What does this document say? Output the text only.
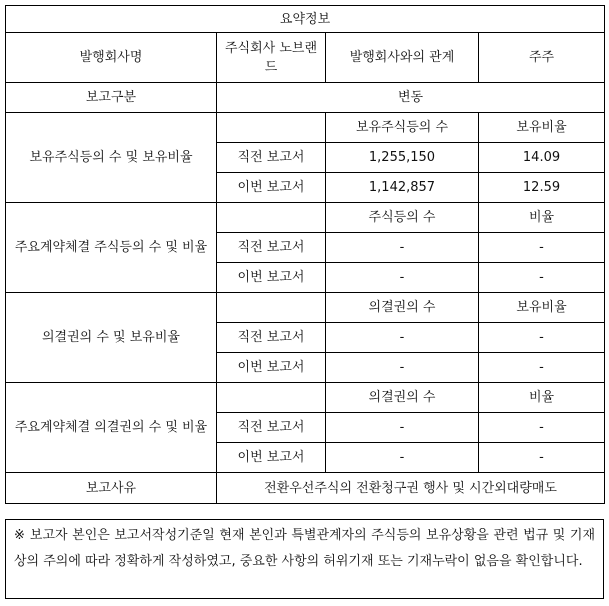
요약정보			
발행회사명	주식회사 노브랜드	발행회사와의 관계	주주
보고구분	변동		
보유주식등의 수 및 보유비율		보유주식등의 수	보유비율
	직전 보고서	1,255,150	14.09
	이번 보고서	1,142,857	12.59
주요계약체결 주식등의 수 및 비율		주식등의 수	비율
	직전 보고서	-	-
	이번 보고서	-	-
의결권의 수 및 보유비율		의결권의 수	보유비율
	직전 보고서	-	-
	이번 보고서	-	-
주요계약체결 의결권의 수 및 비율		의결권의 수	비율
	직전 보고서	-	-
	이번 보고서	-	-
보고사유	전환우선주식의 전환청구권 행사 및 시간외대량매도		
※ 보고자 본인은 보고서작성기준일 현재 본인과 특별관계자의 주식등의 보유상황을 관련 법규 및 기재상의 주의에 따라 정확하게 작성하였고, 중요한 사항의 허위기재 또는 기재누락이 없음을 확인합니다.
